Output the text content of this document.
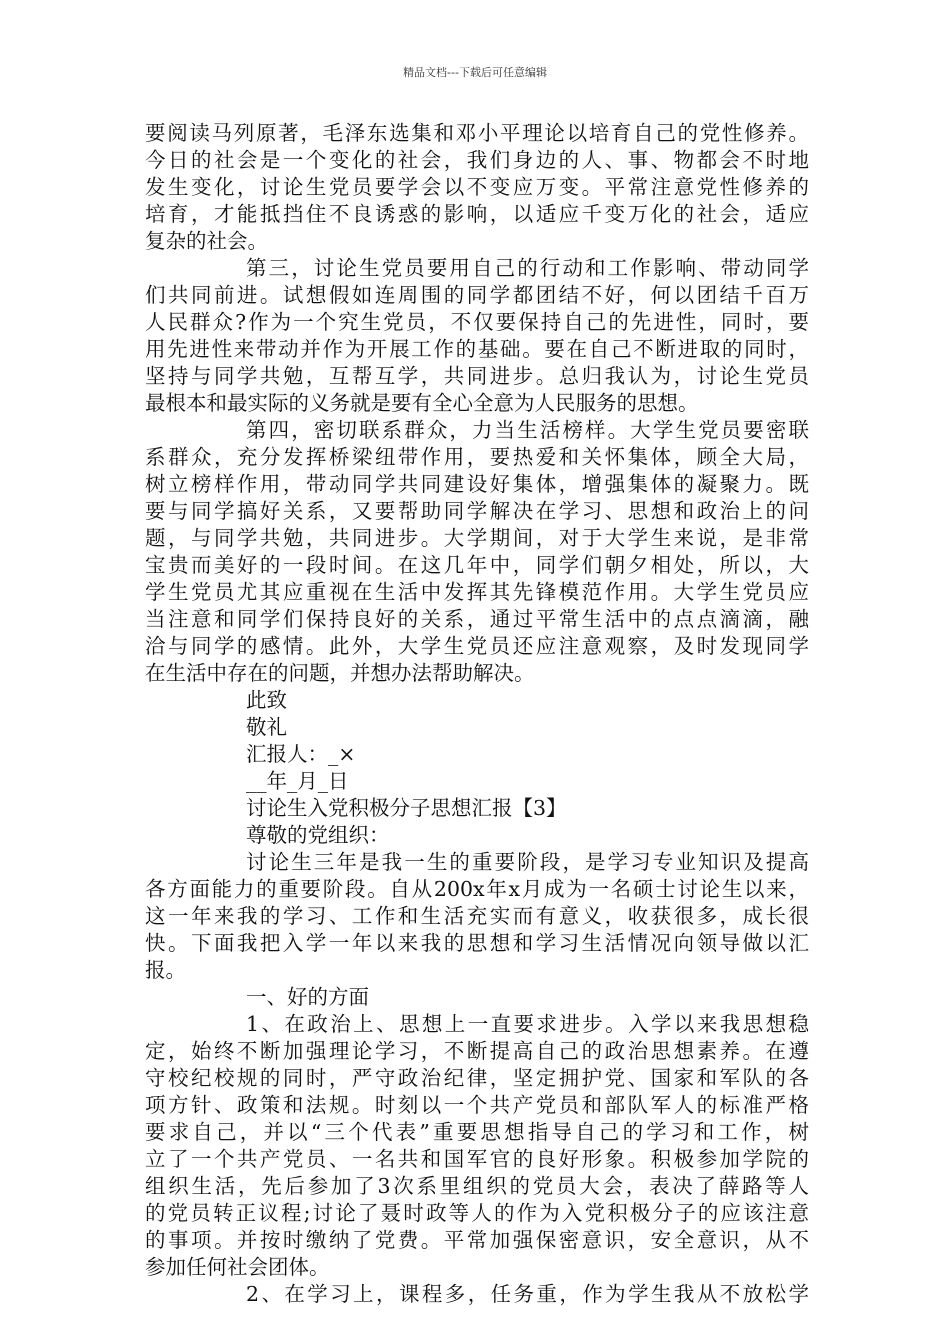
精品文档---下载后可任意编辑
要阅读马列原著，毛泽东选集和邓小平理论以培育自己的党性修养。
今日的社会是一个变化的社会，我们身边的人、事、物都会不时地
发生变化，讨论生党员要学会以不变应万变。平常注意党性修养的
培育，才能抵挡住不良诱惑的影响，以适应千变万化的社会，适应
复杂的社会。
第三，讨论生党员要用自己的行动和工作影响、带动同学
们共同前进。试想假如连周围的同学都团结不好，何以团结千百万
人民群众?作为一个究生党员，不仅要保持自己的先进性，同时，要
用先进性来带动并作为开展工作的基础。要在自己不断进取的同时，
坚持与同学共勉，互帮互学，共同进步。总归我认为，讨论生党员
最根本和最实际的义务就是要有全心全意为人民服务的思想。
第四，密切联系群众，力当生活榜样。大学生党员要密联
系群众，充分发挥桥梁纽带作用，要热爱和关怀集体，顾全大局，
树立榜样作用，带动同学共同建设好集体，增强集体的凝聚力。既
要与同学搞好关系，又要帮助同学解决在学习、思想和政治上的问
题，与同学共勉，共同进步。大学期间，对于大学生来说，是非常
宝贵而美好的一段时间。在这几年中，同学们朝夕相处，所以，大
学生党员尤其应重视在生活中发挥其先锋模范作用。大学生党员应
当注意和同学们保持良好的关系，通过平常生活中的点点滴滴，融
洽与同学的感情。此外，大学生党员还应注意观察，及时发现同学
在生活中存在的问题，并想办法帮助解决。
此致
敬礼
汇报人：_×
__年_月_日
讨论生入党积极分子思想汇报【3】
尊敬的党组织：
讨论生三年是我一生的重要阶段，是学习专业知识及提高
各方面能力的重要阶段。自从200x年x月成为一名硕士讨论生以来，
这一年来我的学习、工作和生活充实而有意义，收获很多，成长很
快。下面我把入学一年以来我的思想和学习生活情况向领导做以汇
报。
一、好的方面
1、在政治上、思想上一直要求进步。入学以来我思想稳
定，始终不断加强理论学习，不断提高自己的政治思想素养。在遵
守校纪校规的同时，严守政治纪律，坚定拥护党、国家和军队的各
项方针、政策和法规。时刻以一个共产党员和部队军人的标准严格
要求自己，并以“三个代表”重要思想指导自己的学习和工作，树
立了一个共产党员、一名共和国军官的良好形象。积极参加学院的
组织生活，先后参加了3次系里组织的党员大会，表决了薛路等人
的党员转正议程;讨论了聂时政等人的作为入党积极分子的应该注意
的事项。并按时缴纳了党费。平常加强保密意识，安全意识，从不
参加任何社会团体。
2、在学习上，课程多，任务重，作为学生我从不放松学
